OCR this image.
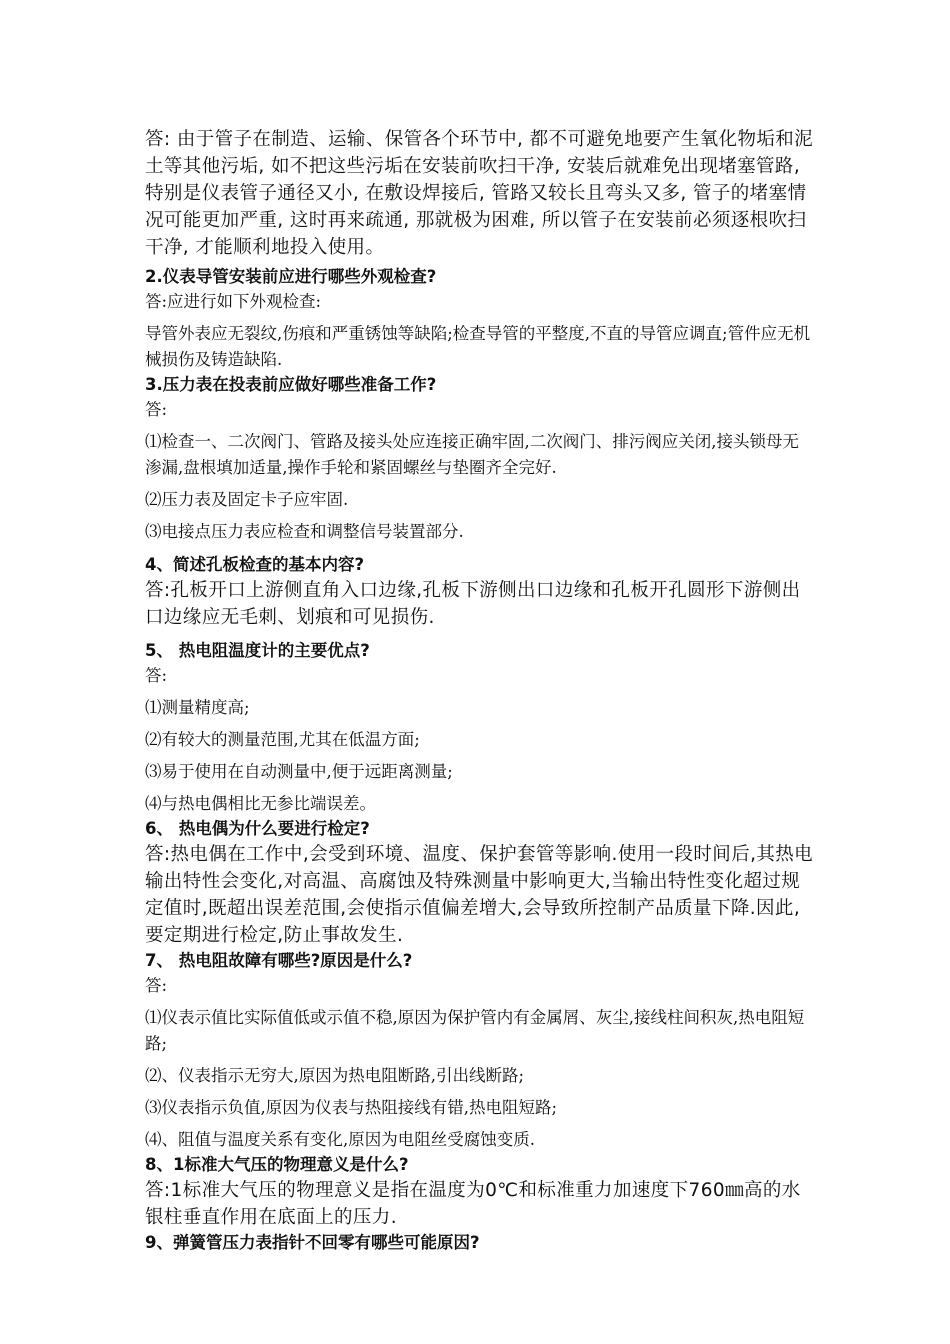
答: 由于管子在制造、运输、保管各个环节中, 都不可避免地要产生氧化物垢和泥土等其他污垢, 如不把这些污垢在安装前吹扫干净, 安装后就难免出现堵塞管路, 特别是仪表管子通径又小, 在敷设焊接后, 管路又较长且弯头又多, 管子的堵塞情况可能更加严重, 这时再来疏通, 那就极为困难, 所以管子在安装前必须逐根吹扫干净, 才能顺利地投入使用。

2.仪表导管安装前应进行哪些外观检查?

答:应进行如下外观检查:

导管外表应无裂纹,伤痕和严重锈蚀等缺陷;检查导管的平整度,不直的导管应调直;管件应无机械损伤及铸造缺陷.

3.压力表在投表前应做好哪些准备工作?

答:

⑴检查一、二次阀门、管路及接头处应连接正确牢固,二次阀门、排污阀应关闭,接头锁母无渗漏,盘根填加适量,操作手轮和紧固螺丝与垫圈齐全完好.

⑵压力表及固定卡子应牢固.

⑶电接点压力表应检查和调整信号装置部分.

4、简述孔板检查的基本内容?

答:孔板开口上游侧直角入口边缘,孔板下游侧出口边缘和孔板开孔圆形下游侧出口边缘应无毛刺、划痕和可见损伤.

5、 热电阻温度计的主要优点?

答:

⑴测量精度高;

⑵有较大的测量范围,尤其在低温方面;

⑶易于使用在自动测量中,便于远距离测量;

⑷与热电偶相比无参比端误差。

6、 热电偶为什么要进行检定?

答:热电偶在工作中,会受到环境、温度、保护套管等影响.使用一段时间后,其热电输出特性会变化,对高温、高腐蚀及特殊测量中影响更大,当输出特性变化超过规定值时,既超出误差范围,会使指示值偏差增大,会导致所控制产品质量下降.因此,要定期进行检定,防止事故发生.

7、 热电阻故障有哪些?原因是什么?

答:

⑴仪表示值比实际值低或示值不稳,原因为保护管内有金属屑、灰尘,接线柱间积灰,热电阻短路;

⑵、仪表指示无穷大,原因为热电阻断路,引出线断路;

⑶仪表指示负值,原因为仪表与热阻接线有错,热电阻短路;

⑷、阻值与温度关系有变化,原因为电阻丝受腐蚀变质.

8、1标准大气压的物理意义是什么?

答:1标准大气压的物理意义是指在温度为0℃和标准重力加速度下760㎜高的水银柱垂直作用在底面上的压力.

9、弹簧管压力表指针不回零有哪些可能原因?
